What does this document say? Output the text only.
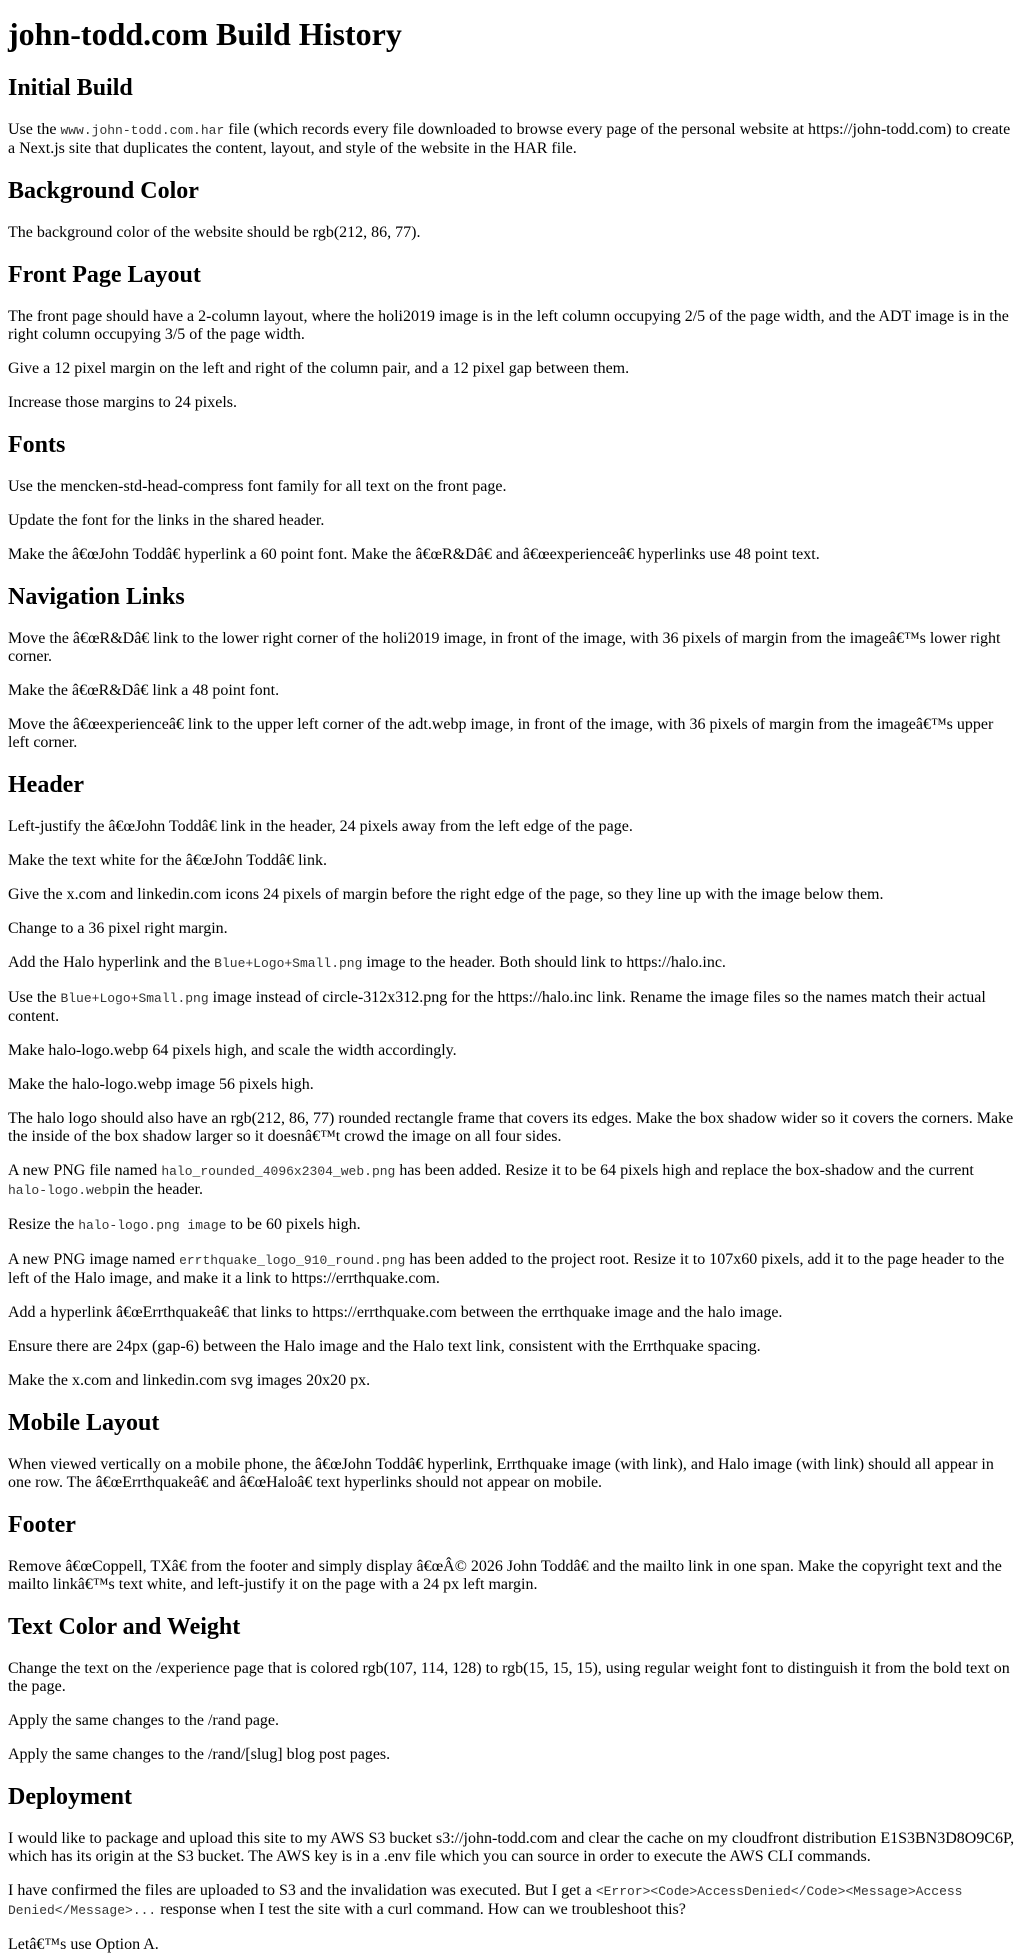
john-todd.com Build History
Initial Build

Use the www.john-todd.com.har file (which records every file downloaded to browse every page of the personal website at https://john-todd.com) to create a Next.js site that duplicates the content, layout, and style of the website in the HAR file.

Background Color

The background color of the website should be rgb(212, 86, 77).

Front Page Layout

The front page should have a 2-column layout, where the holi2019 image is in the left column occupying 2/5 of the page width, and the ADT image is in the right column occupying 3/5 of the page width.

Give a 12 pixel margin on the left and right of the column pair, and a 12 pixel gap between them.

Increase those margins to 24 pixels.

Fonts

Use the mencken-std-head-compress font family for all text on the front page.

Update the font for the links in the shared header.

Make the â€œJohn Toddâ€ hyperlink a 60 point font. Make the â€œR&Dâ€ and â€œexperienceâ€ hyperlinks use 48 point text.

Navigation Links

Move the â€œR&Dâ€ link to the lower right corner of the holi2019 image, in front of the image, with 36 pixels of margin from the imageâ€™s lower right corner.

Make the â€œR&Dâ€ link a 48 point font.

Move the â€œexperienceâ€ link to the upper left corner of the adt.webp image, in front of the image, with 36 pixels of margin from the imageâ€™s upper left corner.

Header

Left-justify the â€œJohn Toddâ€ link in the header, 24 pixels away from the left edge of the page.

Make the text white for the â€œJohn Toddâ€ link.

Give the x.com and linkedin.com icons 24 pixels of margin before the right edge of the page, so they line up with the image below them.

Change to a 36 pixel right margin.

Add the Halo hyperlink and the Blue+Logo+Small.png image to the header. Both should link to https://halo.inc.

Use the Blue+Logo+Small.png image instead of circle-312x312.png for the https://halo.inc link. Rename the image files so the names match their actual content.

Make halo-logo.webp 64 pixels high, and scale the width accordingly.

Make the halo-logo.webp image 56 pixels high.

The halo logo should also have an rgb(212, 86, 77) rounded rectangle frame that covers its edges. Make the box shadow wider so it covers the corners. Make the inside of the box shadow larger so it doesnâ€™t crowd the image on all four sides.

A new PNG file named halo_rounded_4096x2304_web.png has been added. Resize it to be 64 pixels high and replace the box-shadow and the current halo-logo.webpin the header.

Resize the halo-logo.png image to be 60 pixels high.

A new PNG image named errthquake_logo_910_round.png has been added to the project root. Resize it to 107x60 pixels, add it to the page header to the left of the Halo image, and make it a link to https://errthquake.com.

Add a hyperlink â€œErrthquakeâ€ that links to https://errthquake.com between the errthquake image and the halo image.

Ensure there are 24px (gap-6) between the Halo image and the Halo text link, consistent with the Errthquake spacing.

Make the x.com and linkedin.com svg images 20x20 px.

Mobile Layout

When viewed vertically on a mobile phone, the â€œJohn Toddâ€ hyperlink, Errthquake image (with link), and Halo image (with link) should all appear in one row. The â€œErrthquakeâ€ and â€œHaloâ€ text hyperlinks should not appear on mobile.

Footer

Remove â€œCoppell, TXâ€ from the footer and simply display â€œÂ© 2026 John Toddâ€ and the mailto link in one span. Make the copyright text and the mailto linkâ€™s text white, and left-justify it on the page with a 24 px left margin.

Text Color and Weight

Change the text on the /experience page that is colored rgb(107, 114, 128) to rgb(15, 15, 15), using regular weight font to distinguish it from the bold text on the page.

Apply the same changes to the /rand page.

Apply the same changes to the /rand/[slug] blog post pages.

Deployment

I would like to package and upload this site to my AWS S3 bucket s3://john-todd.com and clear the cache on my cloudfront distribution E1S3BN3D8O9C6P, which has its origin at the S3 bucket. The AWS key is in a .env file which you can source in order to execute the AWS CLI commands.

I have confirmed the files are uploaded to S3 and the invalidation was executed. But I get a <Error><Code>AccessDenied</Code><Message>Access Denied</Message>... response when I test the site with a curl command. How can we troubleshoot this?

Letâ€™s use Option A.
